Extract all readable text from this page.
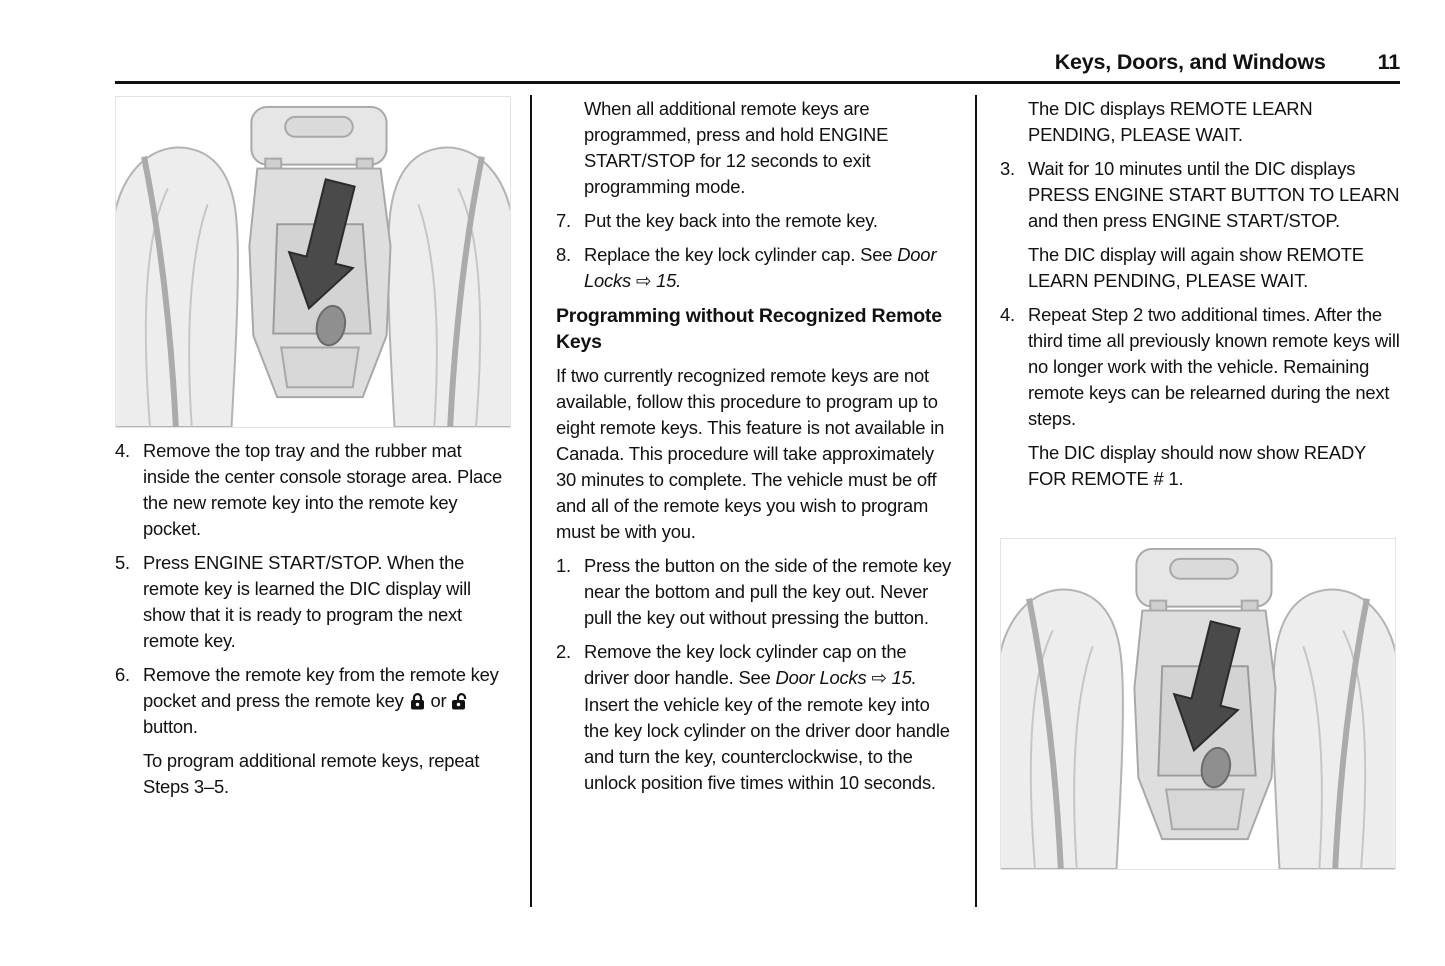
Keys, Doors, and Windows 11
4. Remove the top tray and the rubber mat inside the center console storage area. Place the new remote key into the remote key pocket.
5. Press ENGINE START/STOP. When the remote key is learned the DIC display will show that it is ready to program the next remote key.
6. Remove the remote key from the remote key pocket and press the remote key or  button.
To program additional remote keys, repeat Steps 3–5.
When all additional remote keys are programmed, press and hold ENGINE START/STOP for 12 seconds to exit programming mode.
7. Put the key back into the remote key.
8. Replace the key lock cylinder cap. See Door Locks ⇨ 15.
Programming without Recognized Remote Keys
If two currently recognized remote keys are not available, follow this procedure to program up to eight remote keys. This feature is not available in Canada. This procedure will take approximately 30 minutes to complete. The vehicle must be off and all of the remote keys you wish to program must be with you.
1. Press the button on the side of the remote key near the bottom and pull the key out. Never pull the key out without pressing the button.
2. Remove the key lock cylinder cap on the driver door handle. See Door Locks ⇨ 15. Insert the vehicle key of the remote key into the key lock cylinder on the driver door handle and turn the key, counterclockwise, to the unlock position five times within 10 seconds.
The DIC displays REMOTE LEARN PENDING, PLEASE WAIT.
3. Wait for 10 minutes until the DIC displays PRESS ENGINE START BUTTON TO LEARN and then press ENGINE START/STOP.
The DIC display will again show REMOTE LEARN PENDING, PLEASE WAIT.
4. Repeat Step 2 two additional times. After the third time all previously known remote keys will no longer work with the vehicle. Remaining remote keys can be relearned during the next steps.
The DIC display should now show READY FOR REMOTE # 1.
